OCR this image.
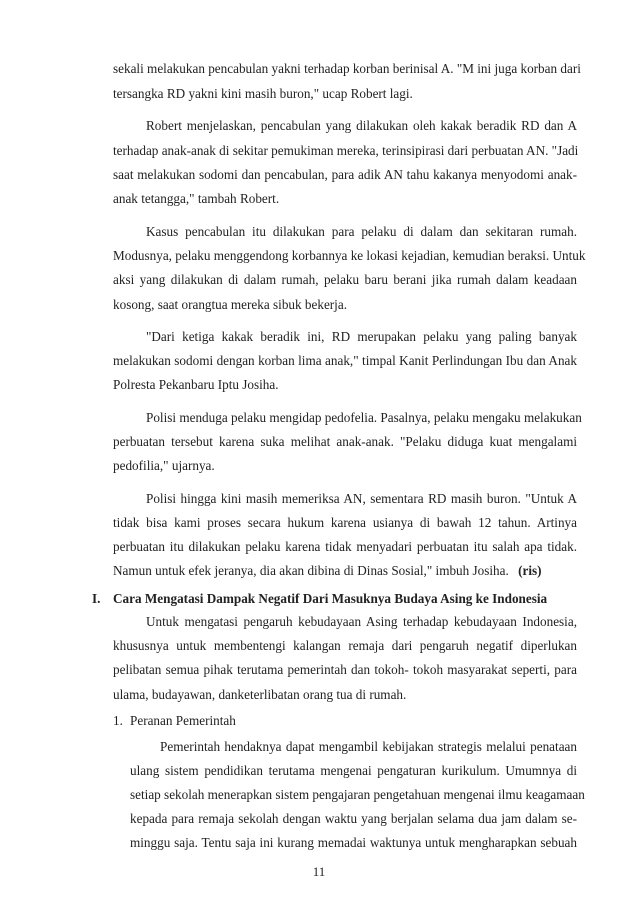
sekali melakukan pencabulan yakni terhadap korban berinisal A. "M ini juga korban dari
tersangka RD yakni kini masih buron," ucap Robert lagi.
Robert menjelaskan, pencabulan yang dilakukan oleh kakak beradik RD dan A
terhadap anak-anak di sekitar pemukiman mereka, terinsipirasi dari perbuatan AN. "Jadi
saat melakukan sodomi dan pencabulan, para adik AN tahu kakanya menyodomi anak-
anak tetangga," tambah Robert.
Kasus pencabulan itu dilakukan para pelaku di dalam dan sekitaran rumah.
Modusnya, pelaku menggendong korbannya ke lokasi kejadian, kemudian beraksi. Untuk
aksi yang dilakukan di dalam rumah, pelaku baru berani jika rumah dalam keadaan
kosong, saat orangtua mereka sibuk bekerja.
"Dari ketiga kakak beradik ini, RD merupakan pelaku yang paling banyak
melakukan sodomi dengan korban lima anak," timpal Kanit Perlindungan Ibu dan Anak
Polresta Pekanbaru Iptu Josiha.
Polisi menduga pelaku mengidap pedofelia. Pasalnya, pelaku mengaku melakukan
perbuatan tersebut karena suka melihat anak-anak. "Pelaku diduga kuat mengalami
pedofilia," ujarnya.
Polisi hingga kini masih memeriksa AN, sementara RD masih buron. "Untuk A
tidak bisa kami proses secara hukum karena usianya di bawah 12 tahun. Artinya
perbuatan itu dilakukan pelaku karena tidak menyadari perbuatan itu salah apa tidak.
Namun untuk efek jeranya, dia akan dibina di Dinas Sosial," imbuh Josiha. (ris)
I. Cara Mengatasi Dampak Negatif Dari Masuknya Budaya Asing ke Indonesia
Untuk mengatasi pengaruh kebudayaan Asing terhadap kebudayaan Indonesia,
khususnya untuk membentengi kalangan remaja dari pengaruh negatif diperlukan
pelibatan semua pihak terutama pemerintah dan tokoh- tokoh masyarakat seperti, para
ulama, budayawan, danketerlibatan orang tua di rumah.
1. Peranan Pemerintah
Pemerintah hendaknya dapat mengambil kebijakan strategis melalui penataan
ulang sistem pendidikan terutama mengenai pengaturan kurikulum. Umumnya di
setiap sekolah menerapkan sistem pengajaran pengetahuan mengenai ilmu keagamaan
kepada para remaja sekolah dengan waktu yang berjalan selama dua jam dalam se-
minggu saja. Tentu saja ini kurang memadai waktunya untuk mengharapkan sebuah
11
